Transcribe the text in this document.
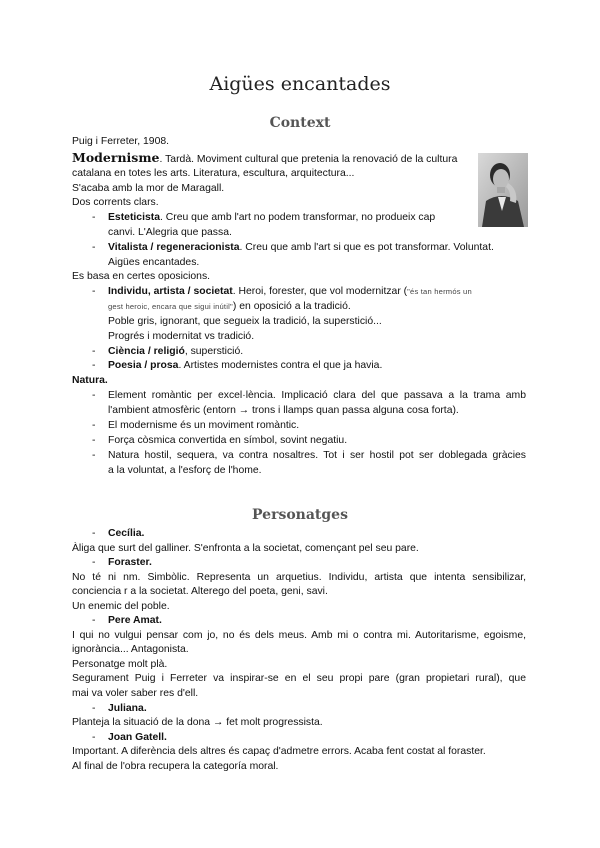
Aigües encantades
Context
Puig i Ferreter, 1908.
Modernisme. Tardà. Moviment cultural que pretenia la renovació de la cultura
catalana en totes les arts. Literatura, escultura, arquitectura...
S'acaba amb la mor de Maragall.
Dos corrents clars.
- Esteticista. Creu que amb l'art no podem transformar, no produeix cap
canvi. L'Alegria que passa.
- Vitalista / regeneracionista. Creu que amb l'art si que es pot transformar. Voluntat.
Aigües encantades.
Es basa en certes oposicions.
- Individu, artista / societat. Heroi, forester, que vol modernitzar ("és tan hermós un
gest heroic, encara que sigui inútil") en oposició a la tradició.
Poble gris, ignorant, que segueix la tradició, la superstició...
Progrés i modernitat vs tradició.
- Ciència / religió, superstició.
- Poesia / prosa. Artistes modernistes contra el que ja havia.
Natura.
- Element romàntic per excel·lència. Implicació clara del que passava a la trama amb
l'ambient atmosfèric (entorn → trons i llamps quan passa alguna cosa forta).
- El modernisme és un moviment romàntic.
- Força còsmica convertida en símbol, sovint negatiu.
- Natura hostil, sequera, va contra nosaltres. Tot i ser hostil pot ser doblegada gràcies
a la voluntat, a l'esforç de l'home.
Personatges
- Cecília.
Àliga que surt del galliner. S'enfronta a la societat, començant pel seu pare.
- Foraster.
No té ni nm. Simbòlic. Representa un arquetius. Individu, artista que intenta sensibilizar,
conciencia r a la societat. Alterego del poeta, geni, savi.
Un enemic del poble.
- Pere Amat.
I qui no vulgui pensar com jo, no és dels meus. Amb mi o contra mi. Autoritarisme, egoisme,
ignorància... Antagonista.
Personatge molt plà.
Segurament Puig i Ferreter va inspirar-se en el seu propi pare (gran propietari rural), que
mai va voler saber res d'ell.
- Juliana.
Planteja la situació de la dona → fet molt progressista.
- Joan Gatell.
Important. A diferència dels altres és capaç d'admetre errors. Acaba fent costat al foraster.
Al final de l'obra recupera la categoría moral.
